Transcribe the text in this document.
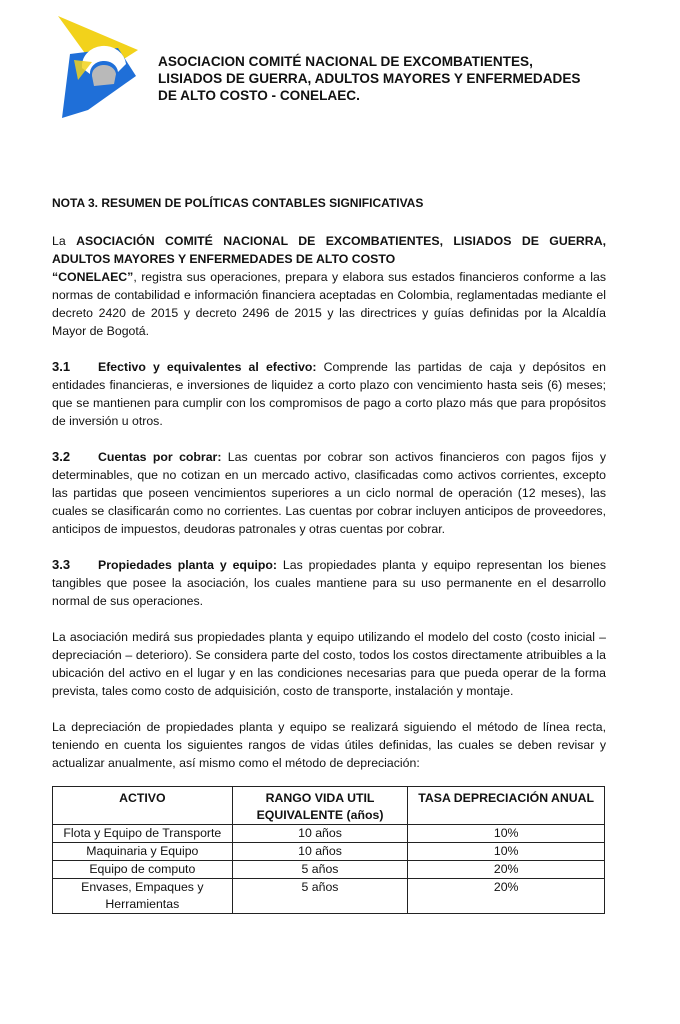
ASOCIACION COMITÉ NACIONAL DE EXCOMBATIENTES,
LISIADOS DE GUERRA, ADULTOS MAYORES Y ENFERMEDADES
DE ALTO COSTO - CONELAEC.
NOTA 3. RESUMEN DE POLÍTICAS CONTABLES SIGNIFICATIVAS

La ASOCIACIÓN COMITÉ NACIONAL DE EXCOMBATIENTES, LISIADOS DE GUERRA, ADULTOS MAYORES Y ENFERMEDADES DE ALTO COSTO
“CONELAEC”, registra sus operaciones, prepara y elabora sus estados financieros conforme a las normas de contabilidad e información financiera aceptadas en Colombia, reglamentadas mediante el decreto 2420 de 2015 y decreto 2496 de 2015 y las directrices y guías definidas por la Alcaldía Mayor de Bogotá.

3.1 Efectivo y equivalentes al efectivo: Comprende las partidas de caja y depósitos en entidades financieras, e inversiones de liquidez a corto plazo con vencimiento hasta seis (6) meses; que se mantienen para cumplir con los compromisos de pago a corto plazo más que para propósitos de inversión u otros.

3.2 Cuentas por cobrar: Las cuentas por cobrar son activos financieros con pagos fijos y determinables, que no cotizan en un mercado activo, clasificadas como activos corrientes, excepto las partidas que poseen vencimientos superiores a un ciclo normal de operación (12 meses), las cuales se clasificarán como no corrientes. Las cuentas por cobrar incluyen anticipos de proveedores, anticipos de impuestos, deudoras patronales y otras cuentas por cobrar.

3.3 Propiedades planta y equipo: Las propiedades planta y equipo representan los bienes tangibles que posee la asociación, los cuales mantiene para su uso permanente en el desarrollo normal de sus operaciones.

La asociación medirá sus propiedades planta y equipo utilizando el modelo del costo (costo inicial – depreciación – deterioro). Se considera parte del costo, todos los costos directamente atribuibles a la ubicación del activo en el lugar y en las condiciones necesarias para que pueda operar de la forma prevista, tales como costo de adquisición, costo de transporte, instalación y montaje.

La depreciación de propiedades planta y equipo se realizará siguiendo el método de línea recta, teniendo en cuenta los siguientes rangos de vidas útiles definidas, las cuales se deben revisar y actualizar anualmente, así mismo como el método de depreciación:

ACTIVO	RANGO VIDA UTIL EQUIVALENTE (años)	TASA DEPRECIACIÓN ANUAL
Flota y Equipo de Transporte	10 años	10%
Maquinaria y Equipo	10 años	10%
Equipo de computo	5 años	20%
Envases, Empaques y Herramientas	5 años	20%
